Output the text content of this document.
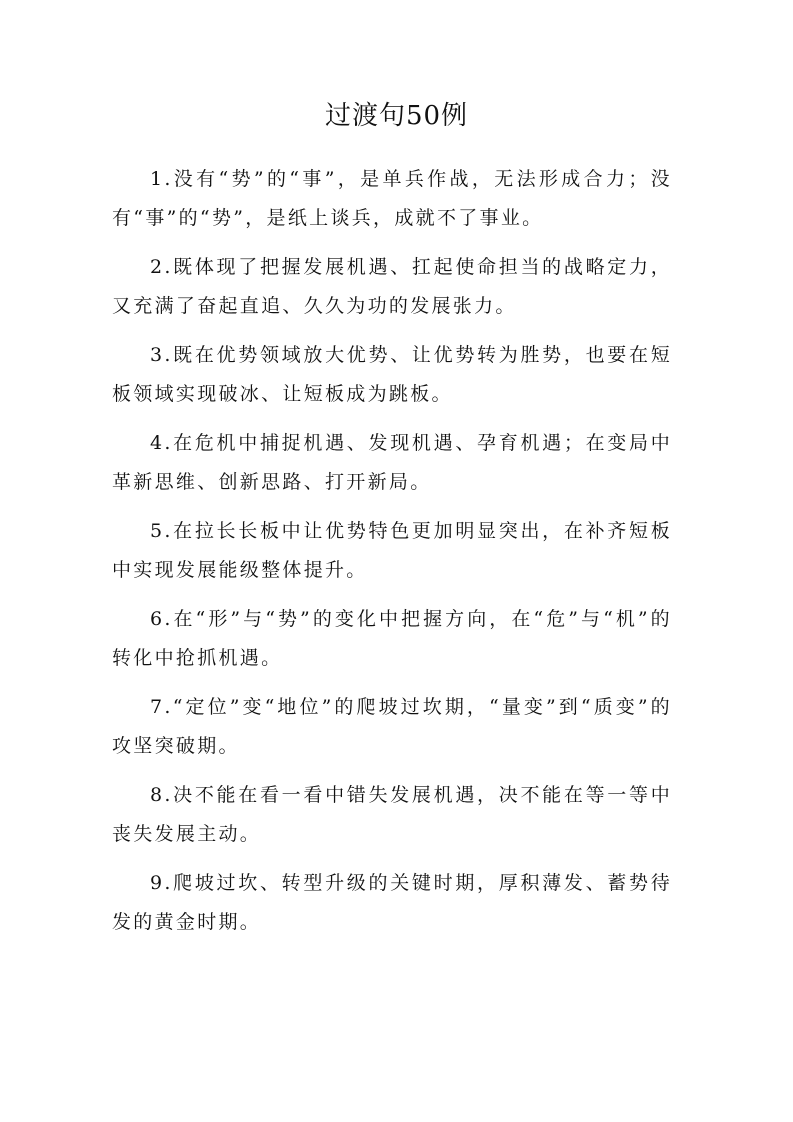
过渡句50例

1.没有“势”的“事”，是单兵作战，无法形成合力；没有“事”的“势”，是纸上谈兵，成就不了事业。

2.既体现了把握发展机遇、扛起使命担当的战略定力，又充满了奋起直追、久久为功的发展张力。

3.既在优势领域放大优势、让优势转为胜势，也要在短板领域实现破冰、让短板成为跳板。

4.在危机中捕捉机遇、发现机遇、孕育机遇；在变局中革新思维、创新思路、打开新局。

5.在拉长长板中让优势特色更加明显突出，在补齐短板中实现发展能级整体提升。

6.在“形”与“势”的变化中把握方向，在“危”与“机”的转化中抢抓机遇。

7.“定位”变“地位”的爬坡过坎期，“量变”到“质变”的攻坚突破期。

8.决不能在看一看中错失发展机遇，决不能在等一等中丧失发展主动。

9.爬坡过坎、转型升级的关键时期，厚积薄发、蓄势待发的黄金时期。
